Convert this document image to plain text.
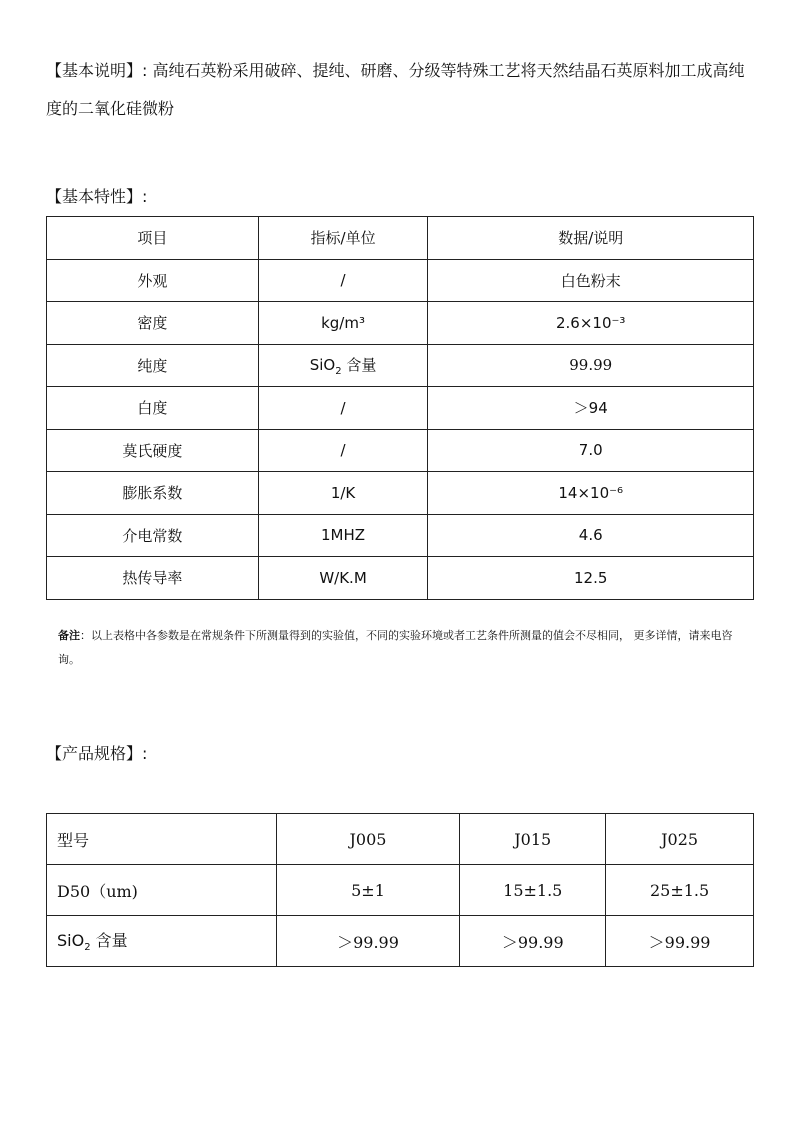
【基本说明】: 高纯石英粉采用破碎、提纯、研磨、分级等特殊工艺将天然结晶石英原料加工成高纯度的二氧化硅微粉
【基本特性】:
项目	指标/单位	数据/说明
外观	/	白色粉末
密度	kg/m³	2.6×10⁻³
纯度	SiO$_2$ 含量	99.99
白度	/	＞94
莫氏硬度	/	7.0
膨胀系数	1/K	14×10⁻⁶
介电常数	1MHZ	4.6
热传导率	W/K.M	12.5
备注：以上表格中各参数是在常规条件下所测量得到的实验值，不同的实验环境或者工艺条件所测量的值会不尽相同， 更多详情，请来电咨询。
【产品规格】:
型号	J005	J015	J025
D50（um)	5±1	15±1.5	25±1.5
SiO$_2$ 含量	＞99.99	＞99.99	＞99.99
